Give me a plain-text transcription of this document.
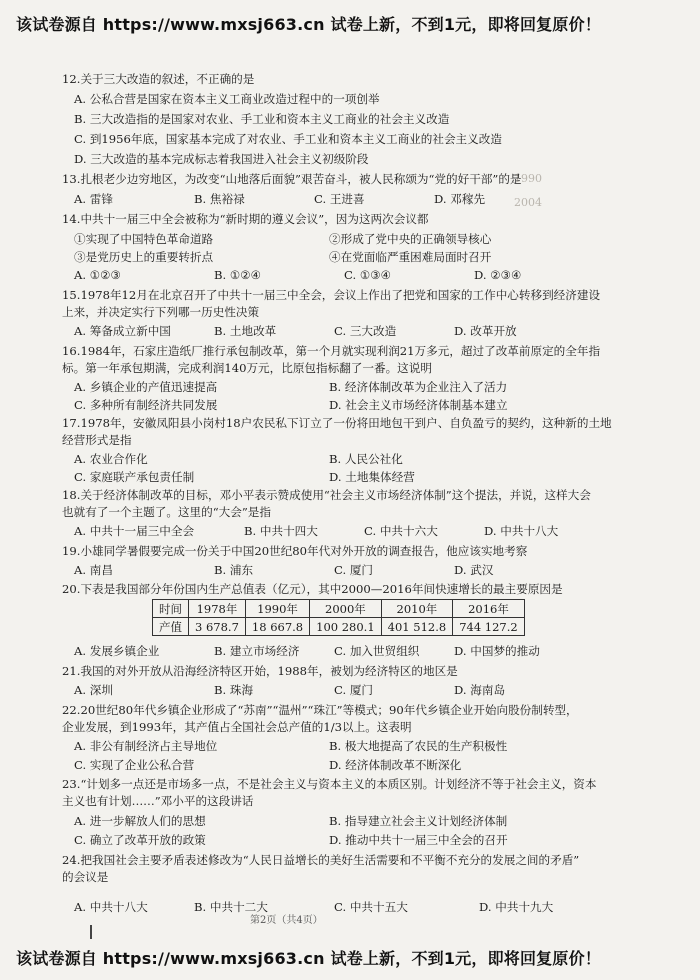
该试卷源自 https://www.mxsj663.cn 试卷上新，不到1元，即将回复原价！
1990
2004
12.关于三大改造的叙述，不正确的是
A. 公私合营是国家在资本主义工商业改造过程中的一项创举
B. 三大改造指的是国家对农业、手工业和资本主义工商业的社会主义改造
C. 到1956年底，国家基本完成了对农业、手工业和资本主义工商业的社会主义改造
D. 三大改造的基本完成标志着我国进入社会主义初级阶段
13.扎根老少边穷地区，为改变“山地落后面貌”艰苦奋斗，被人民称颂为“党的好干部”的是
A. 雷锋	B. 焦裕禄	C. 王进喜	D. 邓稼先
14.中共十一届三中全会被称为“新时期的遵义会议”，因为这两次会议都
①实现了中国特色革命道路	②形成了党中央的正确领导核心
③是党历史上的重要转折点	④在党面临严重困难局面时召开
A. ①②③	B. ①②④	C. ①③④	D. ②③④
15.1978年12月在北京召开了中共十一届三中全会，会议上作出了把党和国家的工作中心转移到经济建设
上来，并决定实行下列哪一历史性决策
A. 筹备成立新中国	B. 土地改革	C. 三大改造	D. 改革开放
16.1984年，石家庄造纸厂推行承包制改革，第一个月就实现利润21万多元，超过了改革前原定的全年指
标。第一年承包期满，完成利润140万元，比原包指标翻了一番。这说明
A. 乡镇企业的产值迅速提高	B. 经济体制改革为企业注入了活力
C. 多种所有制经济共同发展	D. 社会主义市场经济体制基本建立
17.1978年，安徽凤阳县小岗村18户农民私下订立了一份将田地包干到户、自负盈亏的契约，这种新的土地
经营形式是指
A. 农业合作化	B. 人民公社化
C. 家庭联产承包责任制	D. 土地集体经营
18.关于经济体制改革的目标，邓小平表示赞成使用“社会主义市场经济体制”这个提法，并说，这样大会
也就有了一个主题了。这里的“大会”是指
A. 中共十一届三中全会	B. 中共十四大	C. 中共十六大	D. 中共十八大
19.小雄同学暑假要完成一份关于中国20世纪80年代对外开放的调查报告，他应该实地考察
A. 南昌	B. 浦东	C. 厦门	D. 武汉
20.下表是我国部分年份国内生产总值表（亿元），其中2000—2016年间快速增长的最主要原因是
时间	1978年	1990年	2000年	2010年	2016年
产值	3 678.7	18 667.8	100 280.1	401 512.8	744 127.2
A. 发展乡镇企业	B. 建立市场经济	C. 加入世贸组织	D. 中国梦的推动
21.我国的对外开放从沿海经济特区开始，1988年，被划为经济特区的地区是
A. 深圳	B. 珠海	C. 厦门	D. 海南岛
22.20世纪80年代乡镇企业形成了“苏南”“温州”“珠江”等模式；90年代乡镇企业开始向股份制转型，
企业发展，到1993年，其产值占全国社会总产值的1/3以上。这表明
A. 非公有制经济占主导地位	B. 极大地提高了农民的生产积极性
C. 实现了企业公私合营	D. 经济体制改革不断深化
23.“计划多一点还是市场多一点，不是社会主义与资本主义的本质区别。计划经济不等于社会主义，资本
主义也有计划……”邓小平的这段讲话
A. 进一步解放人们的思想	B. 指导建立社会主义计划经济体制
C. 确立了改革开放的政策	D. 推动中共十一届三中全会的召开
24.把我国社会主要矛盾表述修改为“人民日益增长的美好生活需要和不平衡不充分的发展之间的矛盾”
的会议是
A. 中共十八大	B. 中共十二大	C. 中共十五大	D. 中共十九大
第2页（共4页）
该试卷源自 https://www.mxsj663.cn 试卷上新，不到1元，即将回复原价！
